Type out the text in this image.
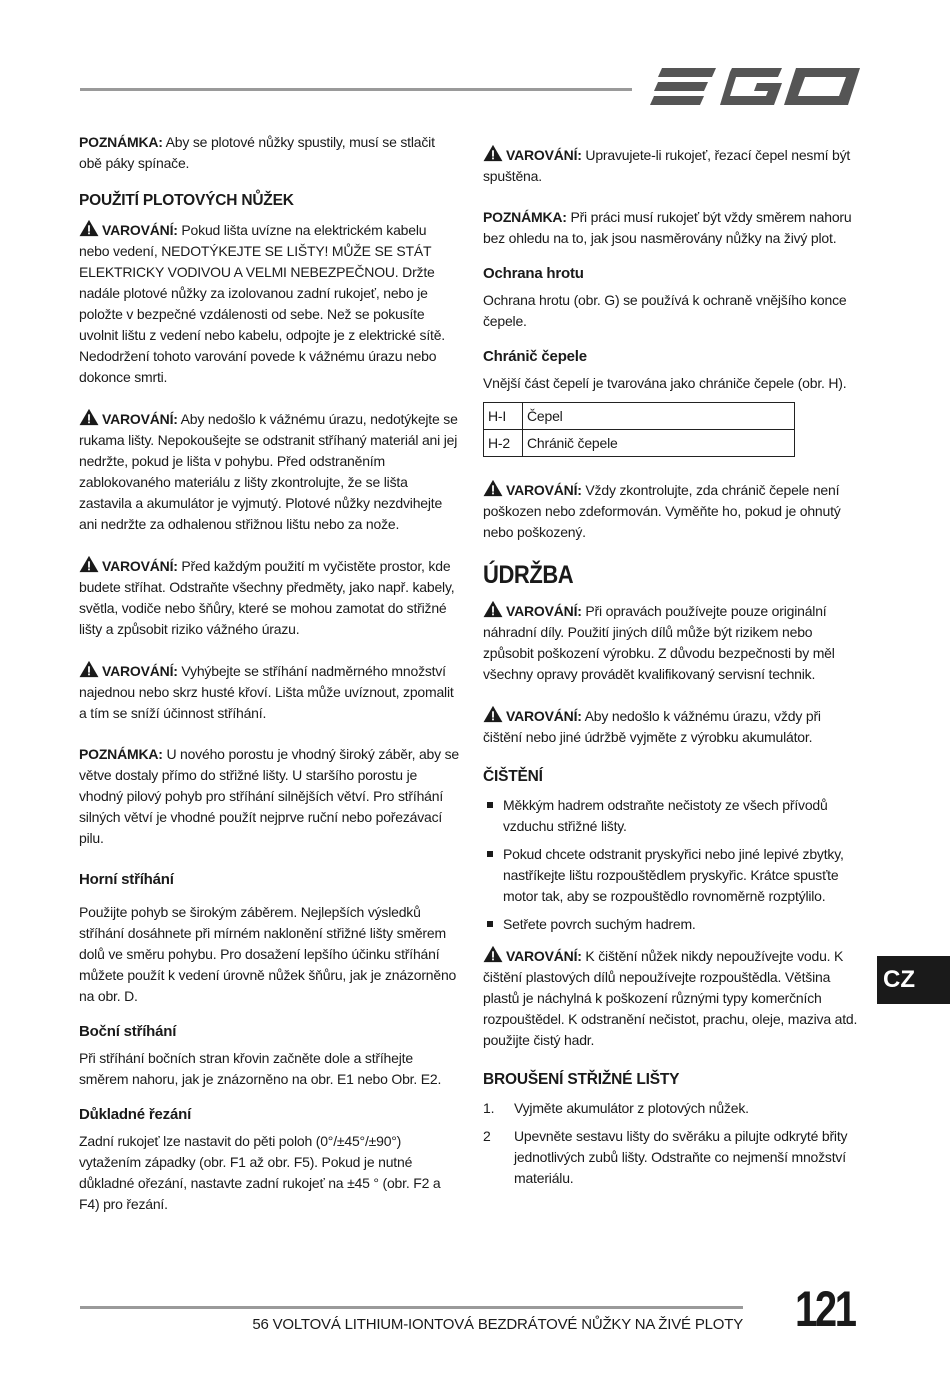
POZNÁMKA: Aby se plotové nůžky spustily, musí se stlačit obě páky spínače.

POUŽITÍ PLOTOVÝCH NŮŽEK

VAROVÁNÍ: Pokud lišta uvízne na elektrickém kabelu nebo vedení, NEDOTÝKEJTE SE LIŠTY! MŮŽE SE STÁT ELEKTRICKY VODIVOU A VELMI NEBEZPEČNOU. Držte nadále plotové nůžky za izolovanou zadní rukojeť, nebo je položte v bezpečné vzdálenosti od sebe. Než se pokusíte uvolnit lištu z vedení nebo kabelu, odpojte je z elektrické sítě. Nedodržení tohoto varování povede k vážnému úrazu nebo dokonce smrti.

VAROVÁNÍ: Aby nedošlo k vážnému úrazu, nedotýkejte se rukama lišty. Nepokoušejte se odstranit stříhaný materiál ani jej nedržte, pokud je lišta v pohybu. Před odstraněním zablokovaného materiálu z lišty zkontrolujte, že se lišta zastavila a akumulátor je vyjmutý. Plotové nůžky nezdvihejte ani nedržte za odhalenou střižnou lištu nebo za nože.

VAROVÁNÍ: Před každým použití m vyčistěte prostor, kde budete stříhat. Odstraňte všechny předměty, jako např. kabely, světla, vodiče nebo šňůry, které se mohou zamotat do střižné lišty a způsobit riziko vážného úrazu.

VAROVÁNÍ: Vyhýbejte se stříhání nadměrného množství najednou nebo skrz husté křoví. Lišta může uvíznout, zpomalit a tím se sníží účinnost stříhání.

POZNÁMKA: U nového porostu je vhodný široký záběr, aby se větve dostaly přímo do střižné lišty. U staršího porostu je vhodný pilový pohyb pro stříhání silnějších větví. Pro stříhání silných větví je vhodné použít nejprve ruční nebo pořezávací pilu.

Horní stříhání

Použijte pohyb se širokým záběrem. Nejlepších výsledků stříhání dosáhnete při mírném naklonění střižné lišty směrem dolů ve směru pohybu. Pro dosažení lepšího účinku stříhání můžete použít k vedení úrovně nůžek šňůru, jak je znázorněno na obr. D.

Boční stříhání

Při stříhání bočních stran křovin začněte dole a stříhejte směrem nahoru, jak je znázorněno na obr. E1 nebo Obr. E2.

Důkladné řezání

Zadní rukojeť lze nastavit do pěti poloh (0°/±45°/±90°) vytažením západky (obr. F1 až obr. F5). Pokud je nutné důkladné ořezání, nastavte zadní rukojeť na ±45 ° (obr. F2 a F4) pro řezání.

VAROVÁNÍ: Upravujete-li rukojeť, řezací čepel nesmí být spuštěna.

POZNÁMKA: Při práci musí rukojeť být vždy směrem nahoru bez ohledu na to, jak jsou nasměrovány nůžky na živý plot.

Ochrana hrotu

Ochrana hrotu (obr. G) se používá k ochraně vnějšího konce čepele.

Chránič čepele

Vnější část čepelí je tvarována jako chrániče čepele (obr. H).

H-I	Čepel
H-2	Chránič čepele

VAROVÁNÍ: Vždy zkontrolujte, zda chránič čepele není poškozen nebo zdeformován. Vyměňte ho, pokud je ohnutý nebo poškozený.

ÚDRŽBA

VAROVÁNÍ: Při opravách používejte pouze originální náhradní díly. Použití jiných dílů může být rizikem nebo způsobit poškození výrobku. Z důvodu bezpečnosti by měl všechny opravy provádět kvalifikovaný servisní technik.

VAROVÁNÍ: Aby nedošlo k vážnému úrazu, vždy při čištění nebo jiné údržbě vyjměte z výrobku akumulátor.

ČIŠTĚNÍ
Měkkým hadrem odstraňte nečistoty ze všech přívodů vzduchu střižné lišty.
Pokud chcete odstranit pryskyřici nebo jiné lepivé zbytky, nastříkejte lištu rozpouštědlem pryskyřic. Krátce spusťte motor tak, aby se rozpouštědlo rovnoměrně rozptýlilo.
Setřete povrch suchým hadrem.

VAROVÁNÍ: K čištění nůžek nikdy nepoužívejte vodu. K čištění plastových dílů nepoužívejte rozpouštědla. Většina plastů je náchylná k poškození různými typy komerčních rozpouštědel. K odstranění nečistot, prachu, oleje, maziva atd. použijte čistý hadr.

BROUŠENÍ STŘIŽNÉ LIŠTY
1. Vyjměte akumulátor z plotových nůžek.
2 Upevněte sestavu lišty do svěráku a pilujte odkryté břity jednotlivých zubů lišty. Odstraňte co nejmenší množství materiálu.
CZ
56 VOLTOVÁ LITHIUM-IONTOVÁ BEZDRÁTOVÉ NŮŽKY NA ŽIVÉ PLOTY 121
